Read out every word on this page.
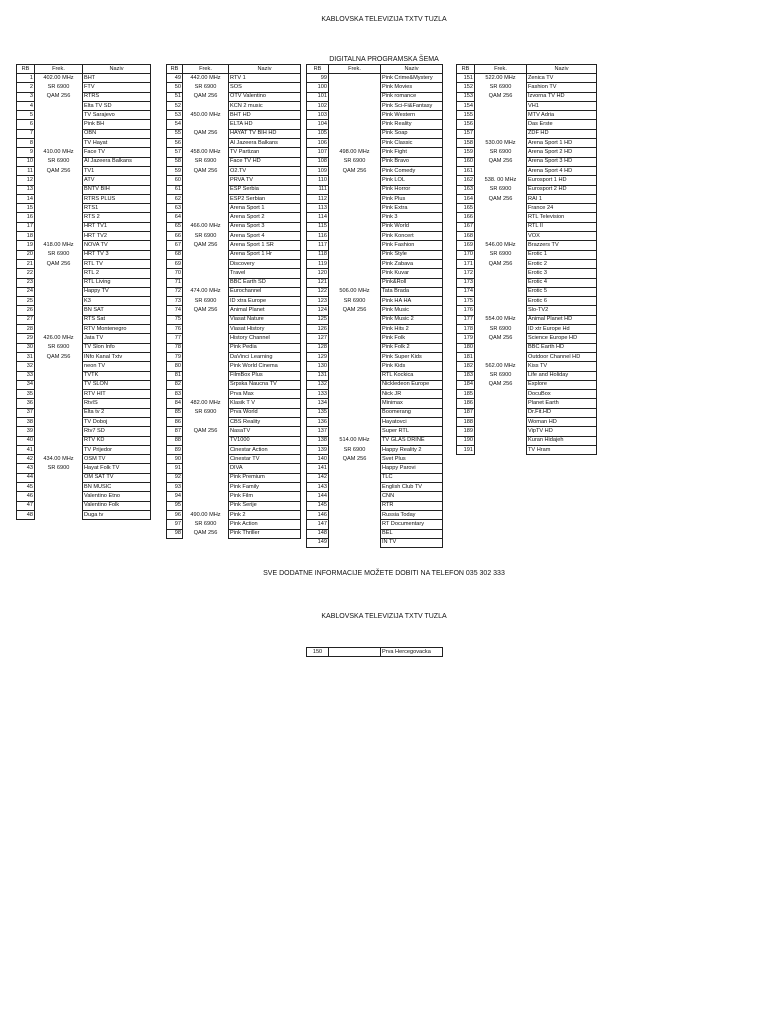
KABLOVSKA TELEVIZIJA TXTV TUZLA
DIGITALNA PROGRAMSKA ŠEMA
RB	Frek.	Naziv
1	402.00 MHz	BHT
2	SR 6900	FTV
3	QAM 256	RTRS
4		Elta TV SD
5		TV Sarajevo
6		Pink BH
7		OBN
8		TV Hayat
9	410.00 MHz	Face TV
10	SR 6900	Al Jazeera Balkans
11	QAM 256	TV1
12		ATV
13		BNTV BIH
14		RTRS PLUS
15		RTS1
16		RTS 2
17		HRT TV1
18		HRT TV2
19	418.00 MHz	NOVA TV
20	SR 6900	HRT TV 3
21	QAM 256	RTL TV
22		RTL 2
23		RTL Living
24		Happy TV
25		K3
26		BN SAT
27		RTS Sat
28		RTV Montenegro
29	426.00 MHz	Jata TV
30	SR 6900	TV Slon Info
31	QAM 256	INfo Kanal Txtv
32		neon TV
33		TVTK
34		TV SLON
35		RTV HIT
36		RtvIS
37		Elta tv 2
38		TV Doboj
39		Rtv7 SD
40		RTV KD
41		TV Prijedor
42	434.00 MHz	OSM TV
43	SR 6900	Hayat Folk TV
44		OM SAT TV
45		BN MUSIC
46		Valentino Etno
47		Valentino Folk
48		Duga tv
RB	Frek.	Naziv
49	442.00 MHz	RTV 1
50	SR 6900	SOS
51	QAM 256	OTV Valentino
52		KCN 2 music
53	450.00 MHz	BHT HD
54		ELTA HD
55	QAM 256	HAYAT TV BIH HD
56		Al Jazeera Balkans
57	458.00 MHz	TV Partizan
58	SR 6900	Face TV HD
59	QAM 256	O2.TV
60		PRVA TV
61		ESP Serbia
62		ESP2 Serbian
63		Arena Sport 1
64		Arena Sport 2
65	466.00 MHz	Arena Sport 3
66	SR 6900	Arena Sport 4
67	QAM 256	Arena Sport 1 SR
68		Arena Sport 1 Hr
69		Discovery
70		Travel
71		BBC Earth SD
72	474.00 MHz	Eurochannel
73	SR 6900	ID xtra Europe
74	QAM 256	Animal Planet
75		Viasat Nature
76		Viasat History
77		History Channel
78		Pink Pedia
79		DaVinci Learning
80		Pink World Cinema
81		FilmBox Plus
82		Srpska Naucna TV
83		Prva Max
84	482.00 MHz	Klasik T V
85	SR 6900	Prva World
86		CBS Reality
87	QAM 256	NasaTV
88		TV1000
89		Cinestar Action
90		Cinestar TV
91		DIVA
92		Pink Premium
93		Pink Family
94		Pink Film
95		Pink Serije
96	490.00 MHz	Pink 2
97	SR 6900	Pink Action
98	QAM 256	Pink Thriller
RB	Frek.	Naziv
99		Pink Crime&Mystery
100		Pink Movies
101		Pink romance
102		Pink Sci-Fi&Fantasy
103		Pink Western
104		Pink Reality
105		Pink Soap
106		Pink Classic
107	498.00 MHz	Pink Fight
108	SR 6900	Pink Bravo
109	QAM 256	Pink Comedy
110		Pink LOL
111		Pink Horror
112		Pink Plus
113		Pink Extra
114		Pink 3
115		Pink World
116		Pink Koncert
117		Pink Fashion
118		Pink Style
119		Pink Zabava
120		Pink Kuvar
121		Pink&Roll
122	506.00 MHz	Tata Brada
123	SR 6900	Pink HA HA
124	QAM 256	Pink Music
125		Pink Music 2
126		Pink Hits 2
127		Pink Folk
128		Pink Folk 2
129		Pink Super Kids
130		Pink Kids
131		RTL Kockica
132		Nickledeon Europe
133		Nick JR
134		Minimax
135		Boomerang
136		Hayatovci
137		Super RTL
138	514.00 MHz	TV GLAS DRINE
139	SR 6900	Happy Reality 2
140	QAM 256	Svet Plus
141		Happy Parovi
142		TLC
143		English Club TV
144		CNN
145		RTR
146		Russia Today
147		RT Documentary
148		BEL
149		IN TV
RB	Frek.	Naziv
151	522.00 MHz	Zenica TV
152	SR 6900	Fashion TV
153	QAM 256	Izvorna TV HD
154		VH1
155		MTV Adria
156		Das Erste
157		ZDF HD
158	530.00 MHz	Arena Sport 1 HD
159	SR 6900	Arena Sport 2 HD
160	QAM 256	Arena Sport 3 HD
161		Arena Sport 4 HD
162	538. 00 MHz	Eurosport 1 HD
163	SR 6900	Eurosport 2 HD
164	QAM 256	RAI 1
165		France 24
166		RTL Television
167		RTL II
168		VOX
169	546.00 MHz	Brazzers TV
170	SR 6900	Erotic 1
171	QAM 256	Erotic 2
172		Erotic 3
173		Erotic 4
174		Erotic 5
175		Erotic 6
176		Slo-TV2
177	554.00 MHz	Animal Planet HD
178	SR 6900	ID xtr Europe Hd
179	QAM 256	Science Europe HD
180		BBC Earth HD
181		Outdoor Channel HD
182	562.00 MHz	Kiss TV
183	SR 6900	Life and Holiday
184	QAM 256	Explore
185		DocuBox
186		Planet Earth
187		Dr.Fit.HD
188		Woman HD
189		VipTV HD
190		Kuran Hidajeh
191		TV Hram
SVE DODATNE INFORMACIJE MOŽETE DOBITI NA TELEFON 035 302 333
KABLOVSKA TELEVIZIJA TXTV TUZLA
150		Prva Hercegovacka
